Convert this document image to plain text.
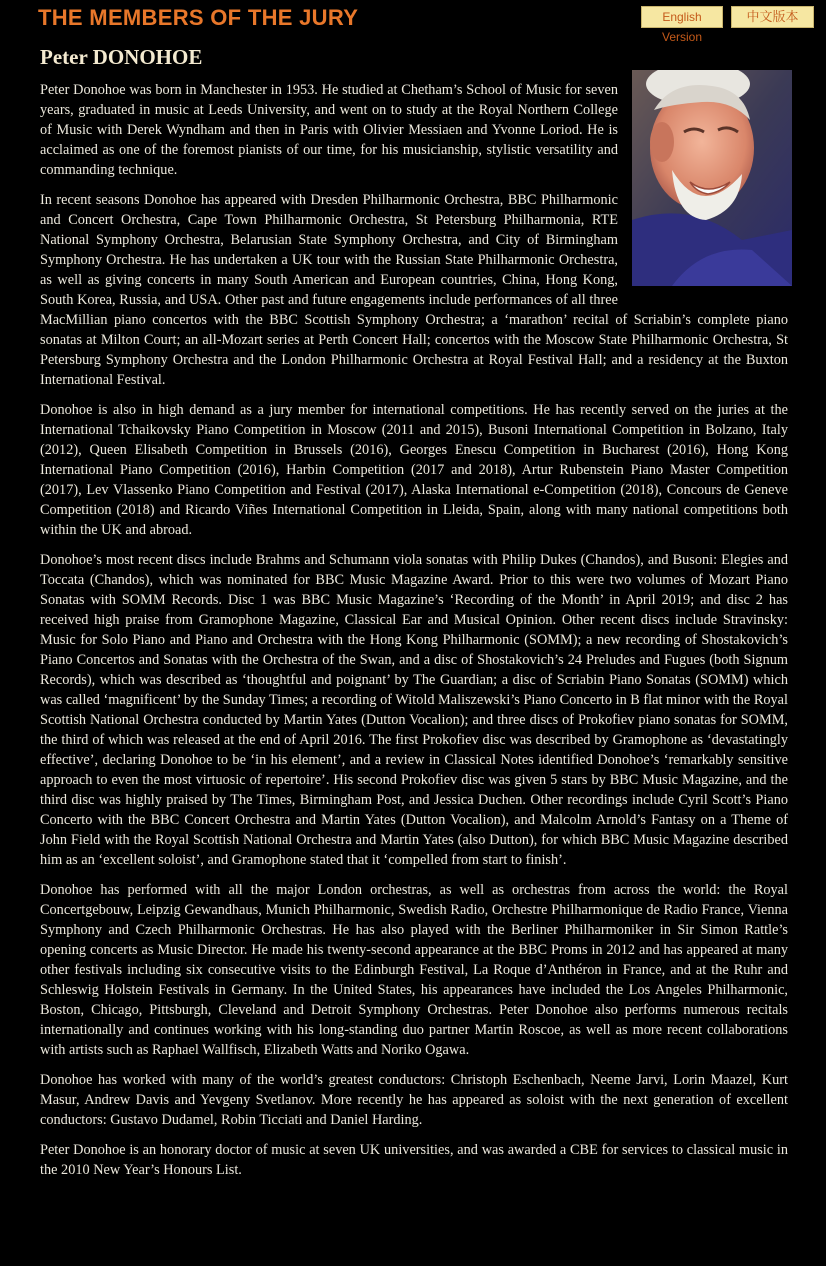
THE MEMBERS OF THE JURY	English Version
中文版本
Peter DONOHOE

Peter Donohoe was born in Manchester in 1953. He studied at Chetham’s School of Music for seven years, graduated in music at Leeds University, and went on to study at the Royal Northern College of Music with Derek Wyndham and then in Paris with Olivier Messiaen and Yvonne Loriod. He is acclaimed as one of the foremost pianists of our time, for his musicianship, stylistic versatility and commanding technique.

In recent seasons Donohoe has appeared with Dresden Philharmonic Orchestra, BBC Philharmonic and Concert Orchestra, Cape Town Philharmonic Orchestra, St Petersburg Philharmonia, RTE National Symphony Orchestra, Belarusian State Symphony Orchestra, and City of Birmingham Symphony Orchestra. He has undertaken a UK tour with the Russian State Philharmonic Orchestra, as well as giving concerts in many South American and European countries, China, Hong Kong, South Korea, Russia, and USA. Other past and future engagements include performances of all three MacMillian piano concertos with the BBC Scottish Symphony Orchestra; a ‘marathon’ recital of Scriabin’s complete piano sonatas at Milton Court; an all-Mozart series at Perth Concert Hall; concertos with the Moscow State Philharmonic Orchestra, St Petersburg Symphony Orchestra and the London Philharmonic Orchestra at Royal Festival Hall; and a residency at the Buxton International Festival.

Donohoe is also in high demand as a jury member for international competitions. He has recently served on the juries at the International Tchaikovsky Piano Competition in Moscow (2011 and 2015), Busoni International Competition in Bolzano, Italy (2012), Queen Elisabeth Competition in Brussels (2016), Georges Enescu Competition in Bucharest (2016), Hong Kong International Piano Competition (2016), Harbin Competition (2017 and 2018), Artur Rubenstein Piano Master Competition (2017), Lev Vlassenko Piano Competition and Festival (2017), Alaska International e-Competition (2018), Concours de Geneve Competition (2018) and Ricardo Viñes International Competition in Lleida, Spain, along with many national competitions both within the UK and abroad.

Donohoe’s most recent discs include Brahms and Schumann viola sonatas with Philip Dukes (Chandos), and Busoni: Elegies and Toccata (Chandos), which was nominated for BBC Music Magazine Award. Prior to this were two volumes of Mozart Piano Sonatas with SOMM Records. Disc 1 was BBC Music Magazine’s ‘Recording of the Month’ in April 2019; and disc 2 has received high praise from Gramophone Magazine, Classical Ear and Musical Opinion. Other recent discs include Stravinsky: Music for Solo Piano and Piano and Orchestra with the Hong Kong Philharmonic (SOMM); a new recording of Shostakovich’s Piano Concertos and Sonatas with the Orchestra of the Swan, and a disc of Shostakovich’s 24 Preludes and Fugues (both Signum Records), which was described as ‘thoughtful and poignant’ by The Guardian; a disc of Scriabin Piano Sonatas (SOMM) which was called ‘magnificent’ by the Sunday Times; a recording of Witold Maliszewski’s Piano Concerto in B flat minor with the Royal Scottish National Orchestra conducted by Martin Yates (Dutton Vocalion); and three discs of Prokofiev piano sonatas for SOMM, the third of which was released at the end of April 2016. The first Prokofiev disc was described by Gramophone as ‘devastatingly effective’, declaring Donohoe to be ‘in his element’, and a review in Classical Notes identified Donohoe’s ‘remarkably sensitive approach to even the most virtuosic of repertoire’. His second Prokofiev disc was given 5 stars by BBC Music Magazine, and the third disc was highly praised by The Times, Birmingham Post, and Jessica Duchen. Other recordings include Cyril Scott’s Piano Concerto with the BBC Concert Orchestra and Martin Yates (Dutton Vocalion), and Malcolm Arnold’s Fantasy on a Theme of John Field with the Royal Scottish National Orchestra and Martin Yates (also Dutton), for which BBC Music Magazine described him as an ‘excellent soloist’, and Gramophone stated that it ‘compelled from start to finish’.

Donohoe has performed with all the major London orchestras, as well as orchestras from across the world: the Royal Concertgebouw, Leipzig Gewandhaus, Munich Philharmonic, Swedish Radio, Orchestre Philharmonique de Radio France, Vienna Symphony and Czech Philharmonic Orchestras. He has also played with the Berliner Philharmoniker in Sir Simon Rattle’s opening concerts as Music Director. He made his twenty-second appearance at the BBC Proms in 2012 and has appeared at many other festivals including six consecutive visits to the Edinburgh Festival, La Roque d’Anthéron in France, and at the Ruhr and Schleswig Holstein Festivals in Germany. In the United States, his appearances have included the Los Angeles Philharmonic, Boston, Chicago, Pittsburgh, Cleveland and Detroit Symphony Orchestras. Peter Donohoe also performs numerous recitals internationally and continues working with his long-standing duo partner Martin Roscoe, as well as more recent collaborations with artists such as Raphael Wallfisch, Elizabeth Watts and Noriko Ogawa.

Donohoe has worked with many of the world’s greatest conductors: Christoph Eschenbach, Neeme Jarvi, Lorin Maazel, Kurt Masur, Andrew Davis and Yevgeny Svetlanov. More recently he has appeared as soloist with the next generation of excellent conductors: Gustavo Dudamel, Robin Ticciati and Daniel Harding.

Peter Donohoe is an honorary doctor of music at seven UK universities, and was awarded a CBE for services to classical music in the 2010 New Year’s Honours List.
